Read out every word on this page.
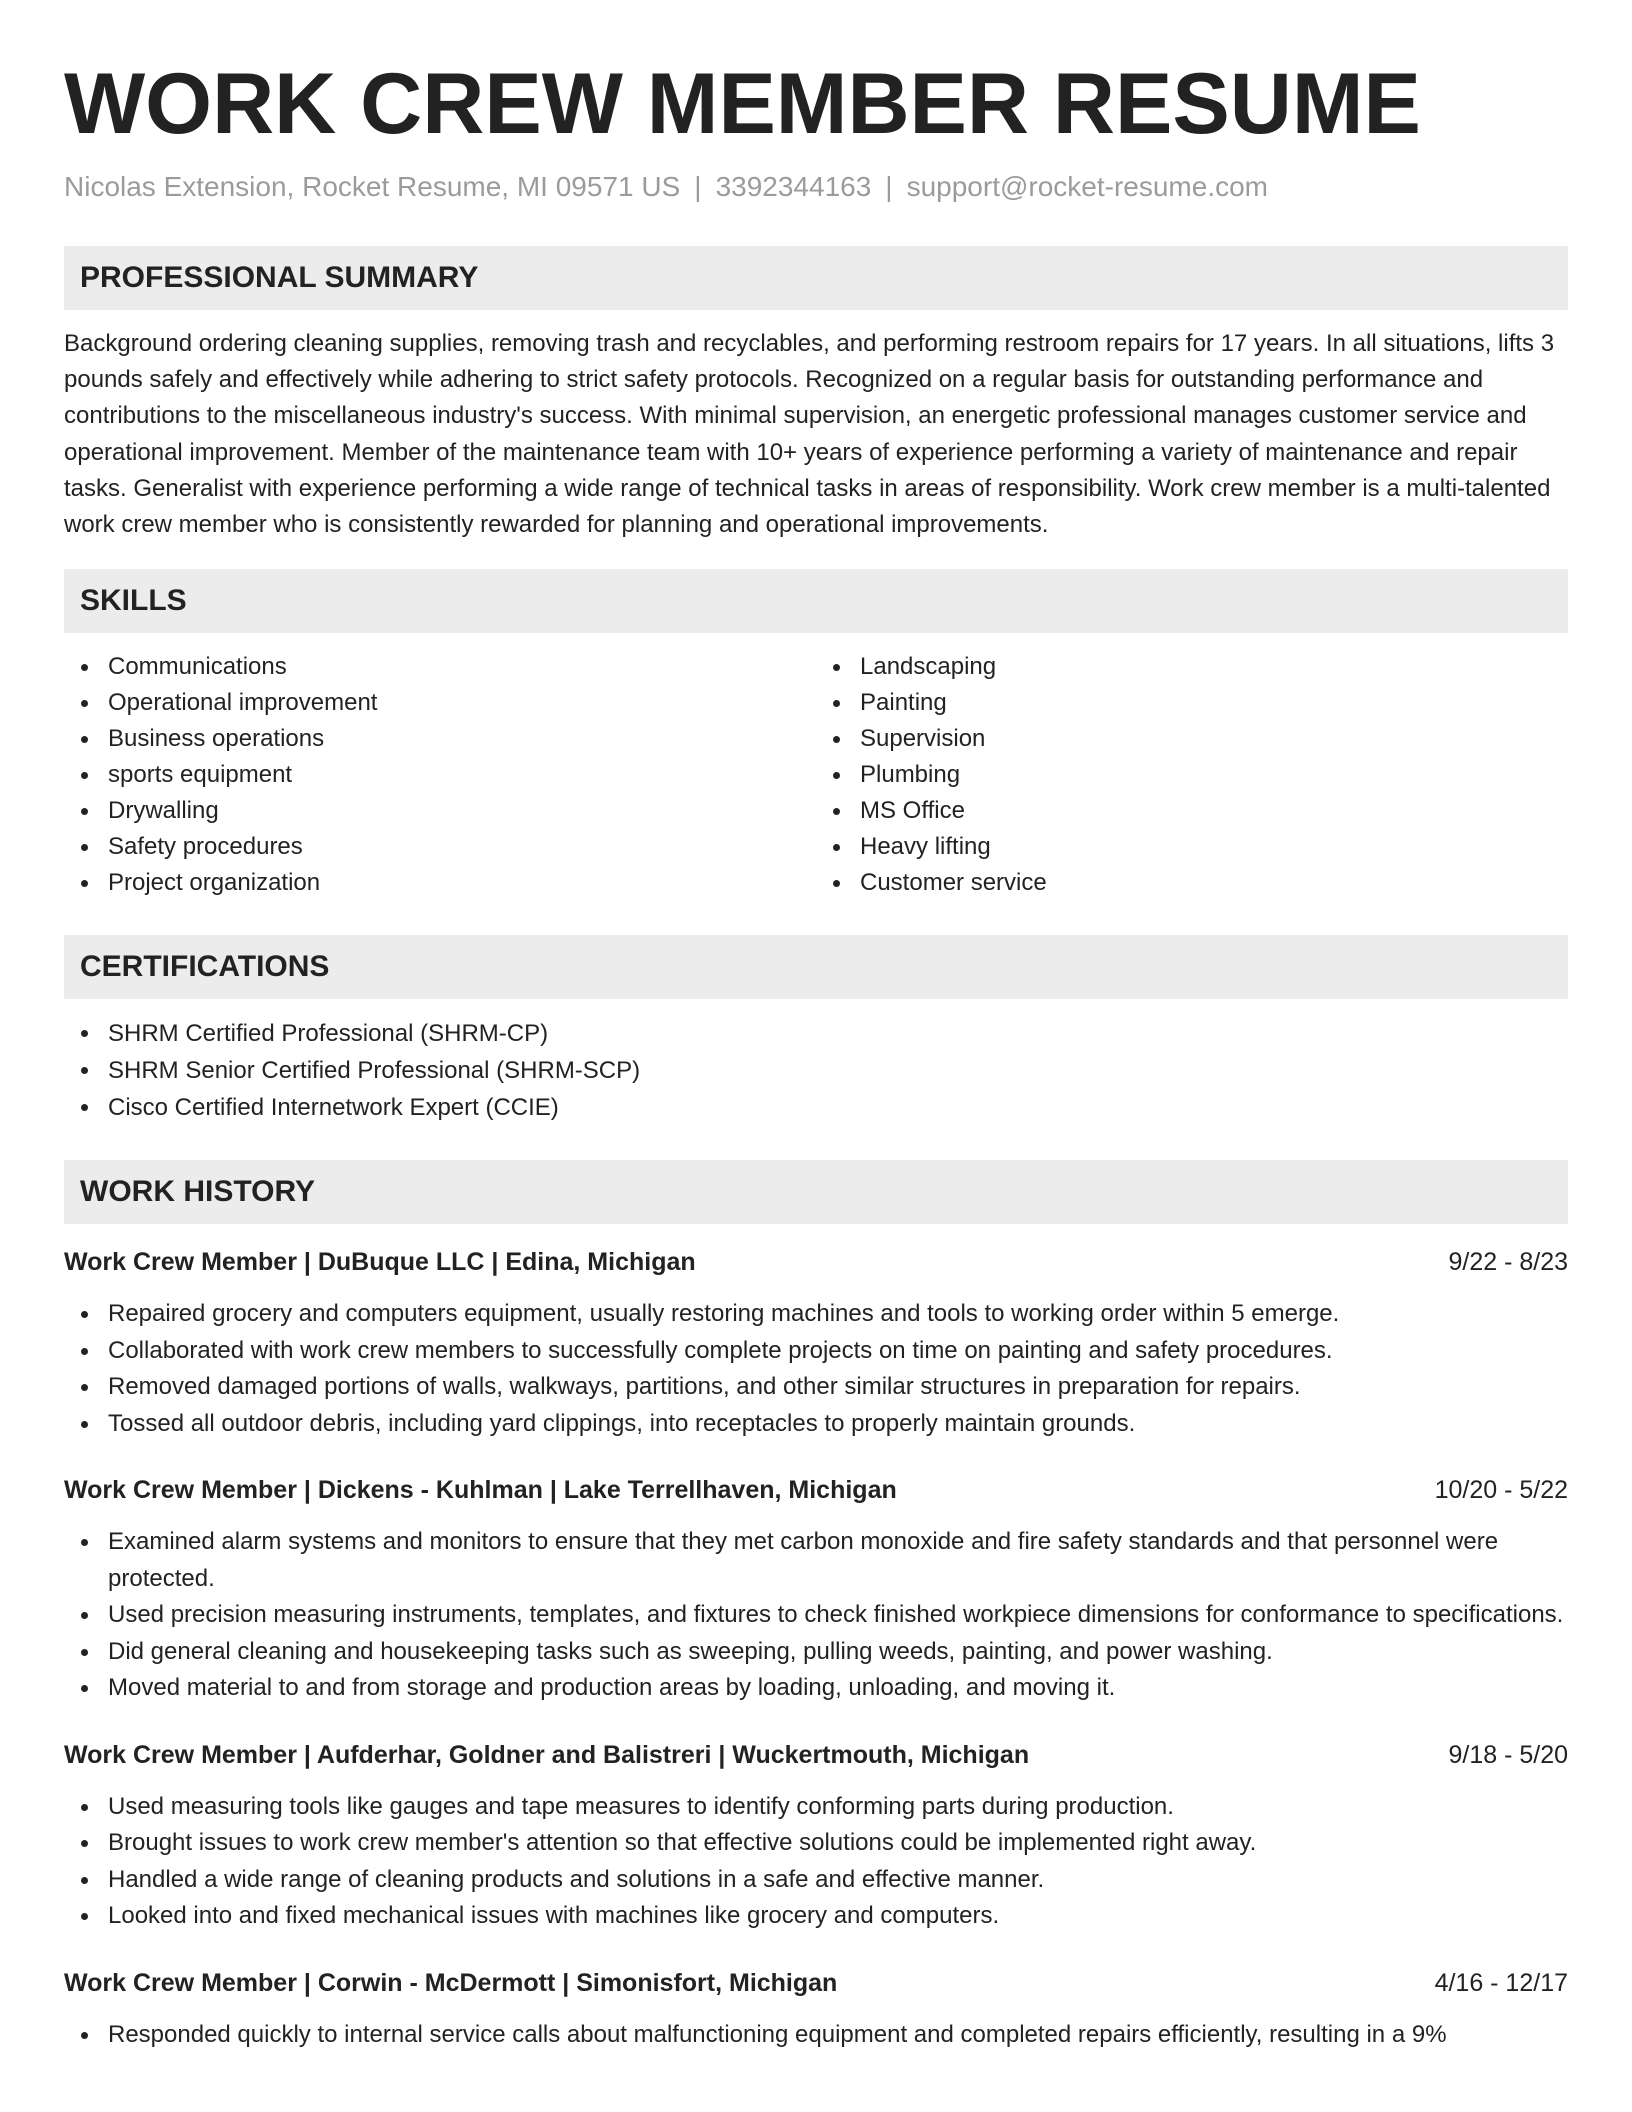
WORK CREW MEMBER RESUME
Nicolas Extension, Rocket Resume, MI 09571 US | 3392344163 | support@rocket-resume.com
PROFESSIONAL SUMMARY

Background ordering cleaning supplies, removing trash and recyclables, and performing restroom repairs for 17 years. In all situations, lifts 3 pounds safely and effectively while adhering to strict safety protocols. Recognized on a regular basis for outstanding performance and contributions to the miscellaneous industry's success. With minimal supervision, an energetic professional manages customer service and operational improvement. Member of the maintenance team with 10+ years of experience performing a variety of maintenance and repair tasks. Generalist with experience performing a wide range of technical tasks in areas of responsibility. Work crew member is a multi-talented work crew member who is consistently rewarded for planning and operational improvements.

SKILLS
Communications
Operational improvement
Business operations
sports equipment
Drywalling
Safety procedures
Project organization
Landscaping
Painting
Supervision
Plumbing
MS Office
Heavy lifting
Customer service
CERTIFICATIONS
SHRM Certified Professional (SHRM-CP)
SHRM Senior Certified Professional (SHRM-SCP)
Cisco Certified Internetwork Expert (CCIE)
WORK HISTORY
Work Crew Member | DuBuque LLC | Edina, Michigan	9/22 - 8/23
Repaired grocery and computers equipment, usually restoring machines and tools to working order within 5 emerge.
Collaborated with work crew members to successfully complete projects on time on painting and safety procedures.
Removed damaged portions of walls, walkways, partitions, and other similar structures in preparation for repairs.
Tossed all outdoor debris, including yard clippings, into receptacles to properly maintain grounds.
Work Crew Member | Dickens - Kuhlman | Lake Terrellhaven, Michigan	10/20 - 5/22
Examined alarm systems and monitors to ensure that they met carbon monoxide and fire safety standards and that personnel were protected.
Used precision measuring instruments, templates, and fixtures to check finished workpiece dimensions for conformance to specifications.
Did general cleaning and housekeeping tasks such as sweeping, pulling weeds, painting, and power washing.
Moved material to and from storage and production areas by loading, unloading, and moving it.
Work Crew Member | Aufderhar, Goldner and Balistreri | Wuckertmouth, Michigan	9/18 - 5/20
Used measuring tools like gauges and tape measures to identify conforming parts during production.
Brought issues to work crew member's attention so that effective solutions could be implemented right away.
Handled a wide range of cleaning products and solutions in a safe and effective manner.
Looked into and fixed mechanical issues with machines like grocery and computers.
Work Crew Member | Corwin - McDermott | Simonisfort, Michigan	4/16 - 12/17
Responded quickly to internal service calls about malfunctioning equipment and completed repairs efficiently, resulting in a 9%
